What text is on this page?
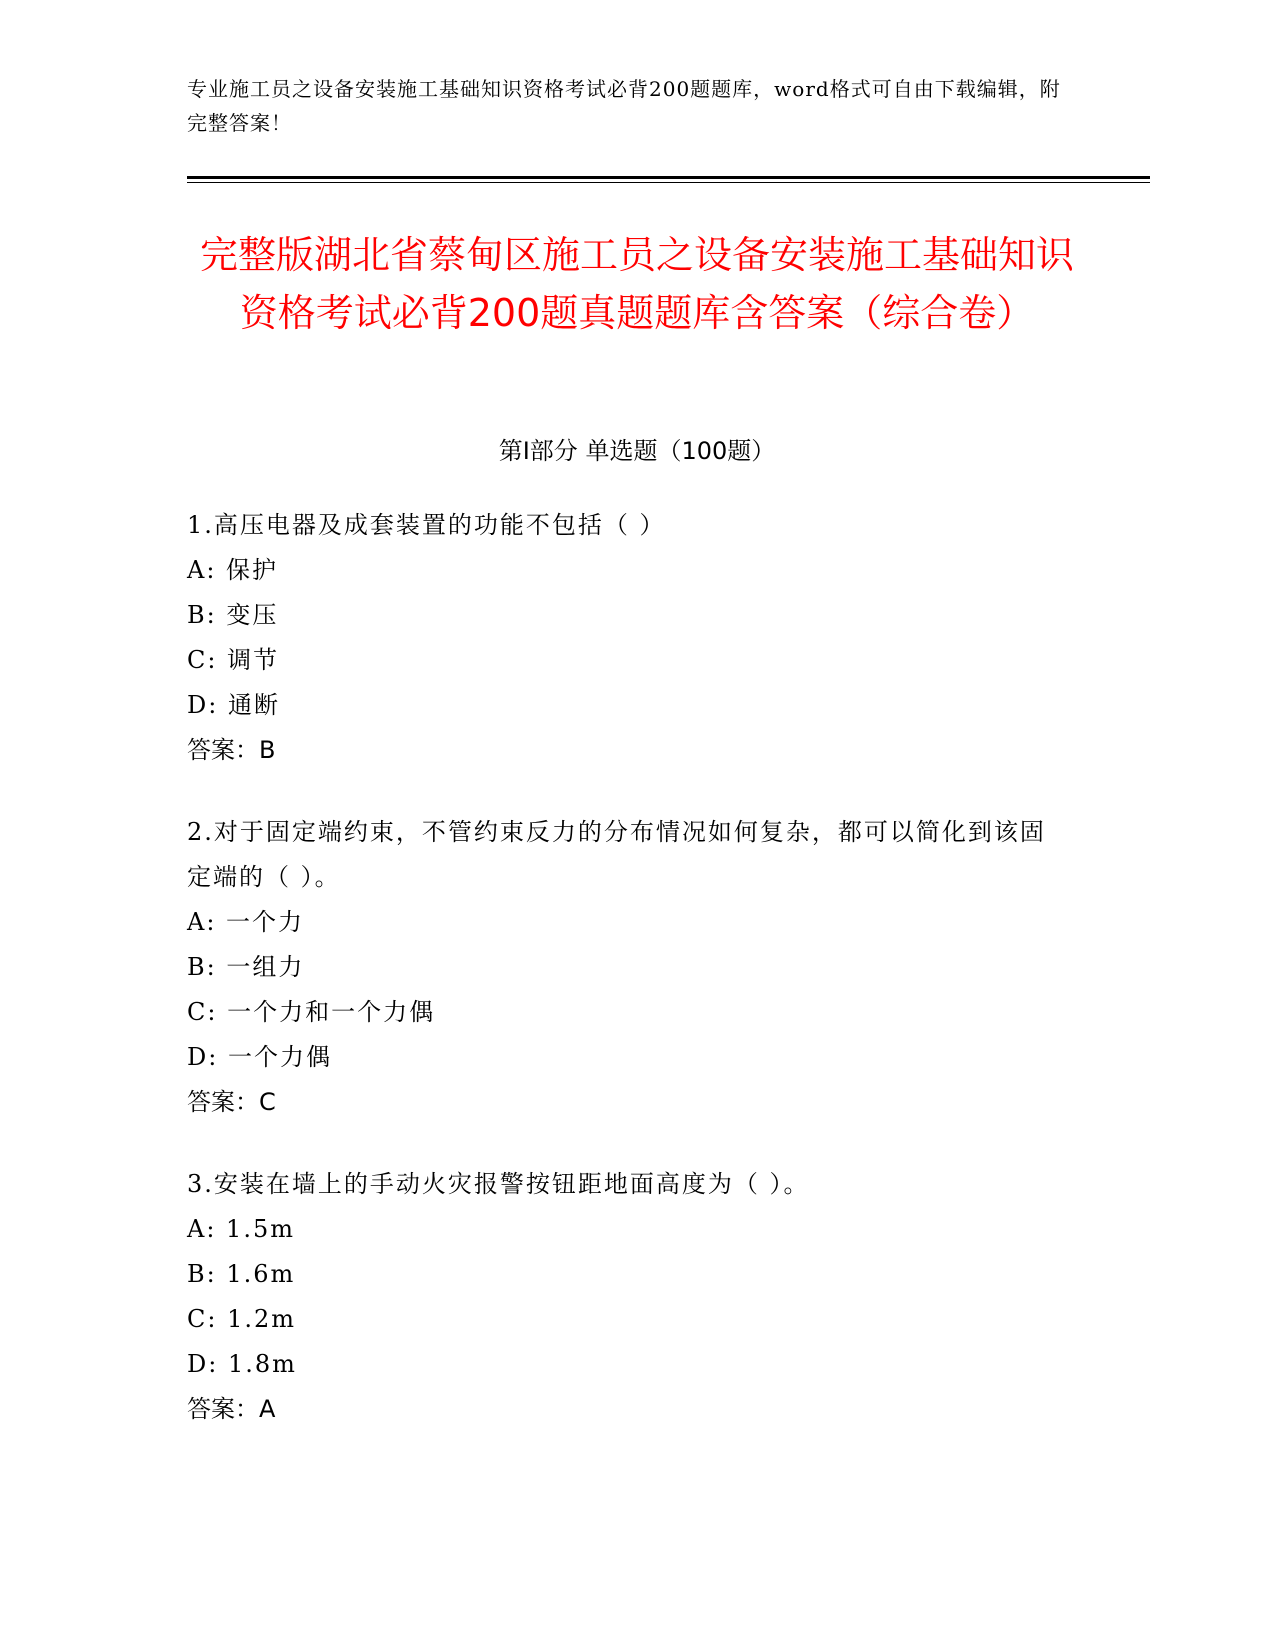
专业施工员之设备安装施工基础知识资格考试必背200题题库，word格式可自由下载编辑，附完整答案！
完整版湖北省蔡甸区施工员之设备安装施工基础知识资格考试必背200题真题题库含答案（综合卷）
第I部分 单选题（100题）
1.高压电器及成套装置的功能不包括（ ）
A: 保护
B: 变压
C: 调节
D: 通断
答案：B
2.对于固定端约束，不管约束反力的分布情况如何复杂，都可以简化到该固定端的（ ）。
A: 一个力
B: 一组力
C: 一个力和一个力偶
D: 一个力偶
答案：C
3.安装在墙上的手动火灾报警按钮距地面高度为（ ）。
A: 1.5m
B: 1.6m
C: 1.2m
D: 1.8m
答案：A
